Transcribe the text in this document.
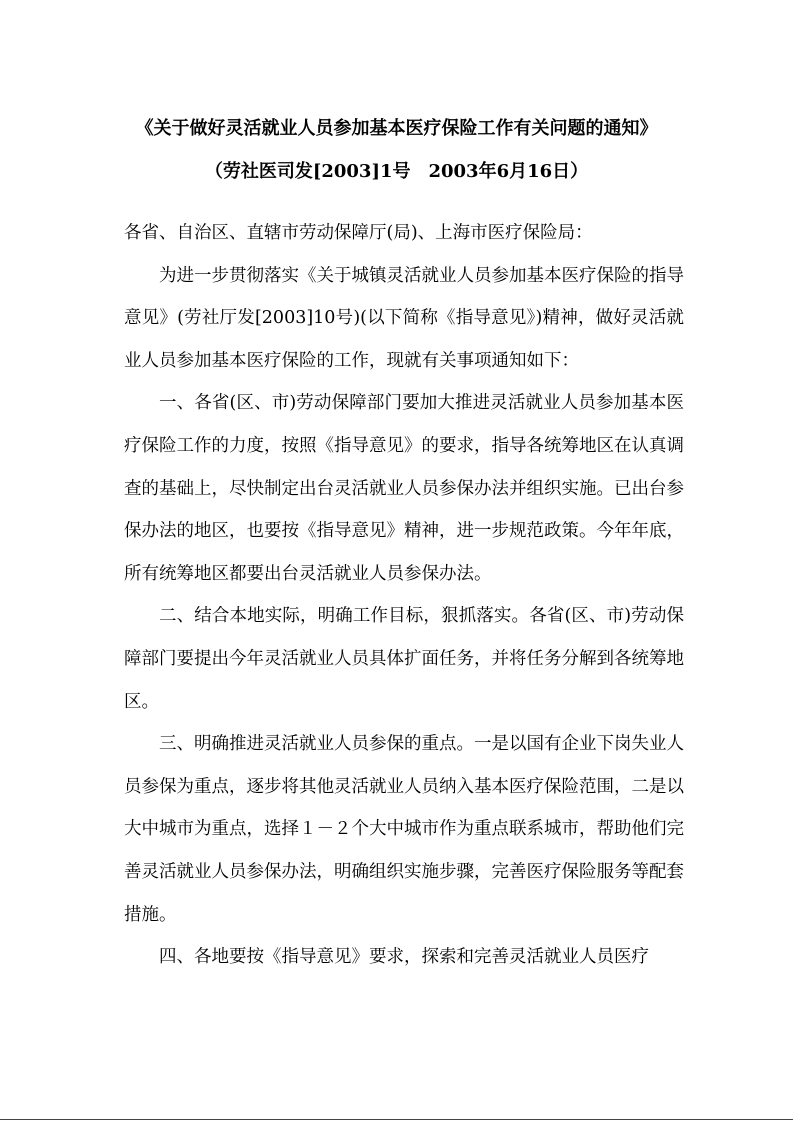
《关于做好灵活就业人员参加基本医疗保险工作有关问题的通知》
（劳社医司发[2003]1号　2003年6月16日）

各省、自治区、直辖市劳动保障厅(局)、上海市医疗保险局：

为进一步贯彻落实《关于城镇灵活就业人员参加基本医疗保险的指导意见》(劳社厅发[2003]10号)(以下简称《指导意见》)精神，做好灵活就业人员参加基本医疗保险的工作，现就有关事项通知如下：

一、各省(区、市)劳动保障部门要加大推进灵活就业人员参加基本医疗保险工作的力度，按照《指导意见》的要求，指导各统筹地区在认真调查的基础上，尽快制定出台灵活就业人员参保办法并组织实施。已出台参保办法的地区，也要按《指导意见》精神，进一步规范政策。今年年底，所有统筹地区都要出台灵活就业人员参保办法。

二、结合本地实际，明确工作目标，狠抓落实。各省(区、市)劳动保障部门要提出今年灵活就业人员具体扩面任务，并将任务分解到各统筹地区。

三、明确推进灵活就业人员参保的重点。一是以国有企业下岗失业人员参保为重点，逐步将其他灵活就业人员纳入基本医疗保险范围，二是以大中城市为重点，选择１－２个大中城市作为重点联系城市，帮助他们完善灵活就业人员参保办法，明确组织实施步骤，完善医疗保险服务等配套措施。

四、各地要按《指导意见》要求，探索和完善灵活就业人员医疗
